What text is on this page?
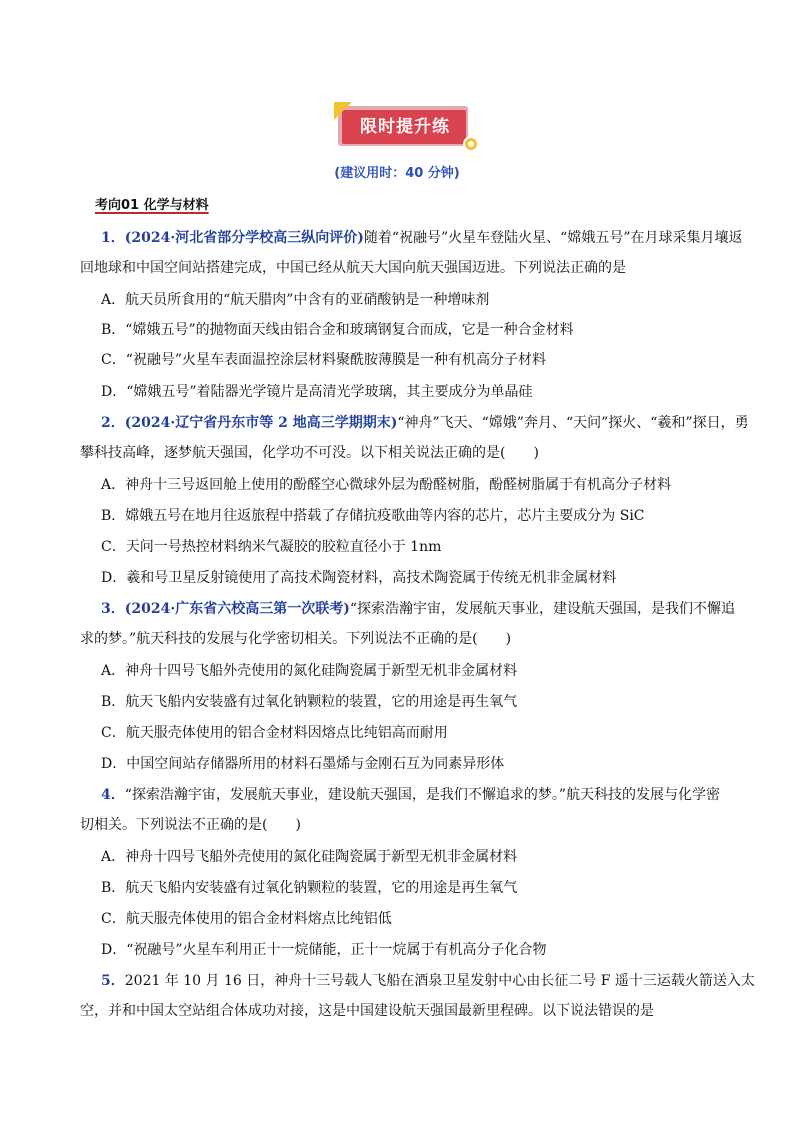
限时提升练
(建议用时：40 分钟)
考向01 化学与材料
1．(2024·河北省部分学校高三纵向评价)随着“祝融号”火星车登陆火星、“嫦娥五号”在月球采集月壤返
回地球和中国空间站搭建完成，中国已经从航天大国向航天强国迈进。下列说法正确的是
A．航天员所食用的“航天腊肉”中含有的亚硝酸钠是一种增味剂
B．“嫦娥五号”的抛物面天线由铝合金和玻璃钢复合而成，它是一种合金材料
C．“祝融号”火星车表面温控涂层材料聚酰胺薄膜是一种有机高分子材料
D．“嫦娥五号”着陆器光学镜片是高清光学玻璃，其主要成分为单晶硅
2．(2024·辽宁省丹东市等 2 地高三学期期末)“神舟”飞天、“嫦娥”奔月、“天问”探火、“羲和”探日，勇
攀科技高峰，逐梦航天强国，化学功不可没。以下相关说法正确的是(　　)
A．神舟十三号返回舱上使用的酚醛空心微球外层为酚醛树脂，酚醛树脂属于有机高分子材料
B．嫦娥五号在地月往返旅程中搭载了存储抗疫歌曲等内容的芯片，芯片主要成分为 SiC
C．天问一号热控材料纳米气凝胶的胶粒直径小于 1nm
D．羲和号卫星反射镜使用了高技术陶瓷材料，高技术陶瓷属于传统无机非金属材料
3．(2024·广东省六校高三第一次联考)“探索浩瀚宇宙，发展航天事业，建设航天强国，是我们不懈追
求的梦。”航天科技的发展与化学密切相关。下列说法不正确的是(　　)
A．神舟十四号飞船外壳使用的氮化硅陶瓷属于新型无机非金属材料
B．航天飞船内安装盛有过氧化钠颗粒的装置，它的用途是再生氧气
C．航天服壳体使用的铝合金材料因熔点比纯铝高而耐用
D．中国空间站存储器所用的材料石墨烯与金刚石互为同素异形体
4．“探索浩瀚宇宙，发展航天事业，建设航天强国，是我们不懈追求的梦。”航天科技的发展与化学密
切相关。下列说法不正确的是(　　)
A．神舟十四号飞船外壳使用的氮化硅陶瓷属于新型无机非金属材料
B．航天飞船内安装盛有过氧化钠颗粒的装置，它的用途是再生氧气
C．航天服壳体使用的铝合金材料熔点比纯铝低
D．“祝融号”火星车利用正十一烷储能，正十一烷属于有机高分子化合物
5．2021 年 10 月 16 日，神舟十三号载人飞船在酒泉卫星发射中心由长征二号 F 遥十三运载火箭送入太
空，并和中国太空站组合体成功对接，这是中国建设航天强国最新里程碑。以下说法错误的是
